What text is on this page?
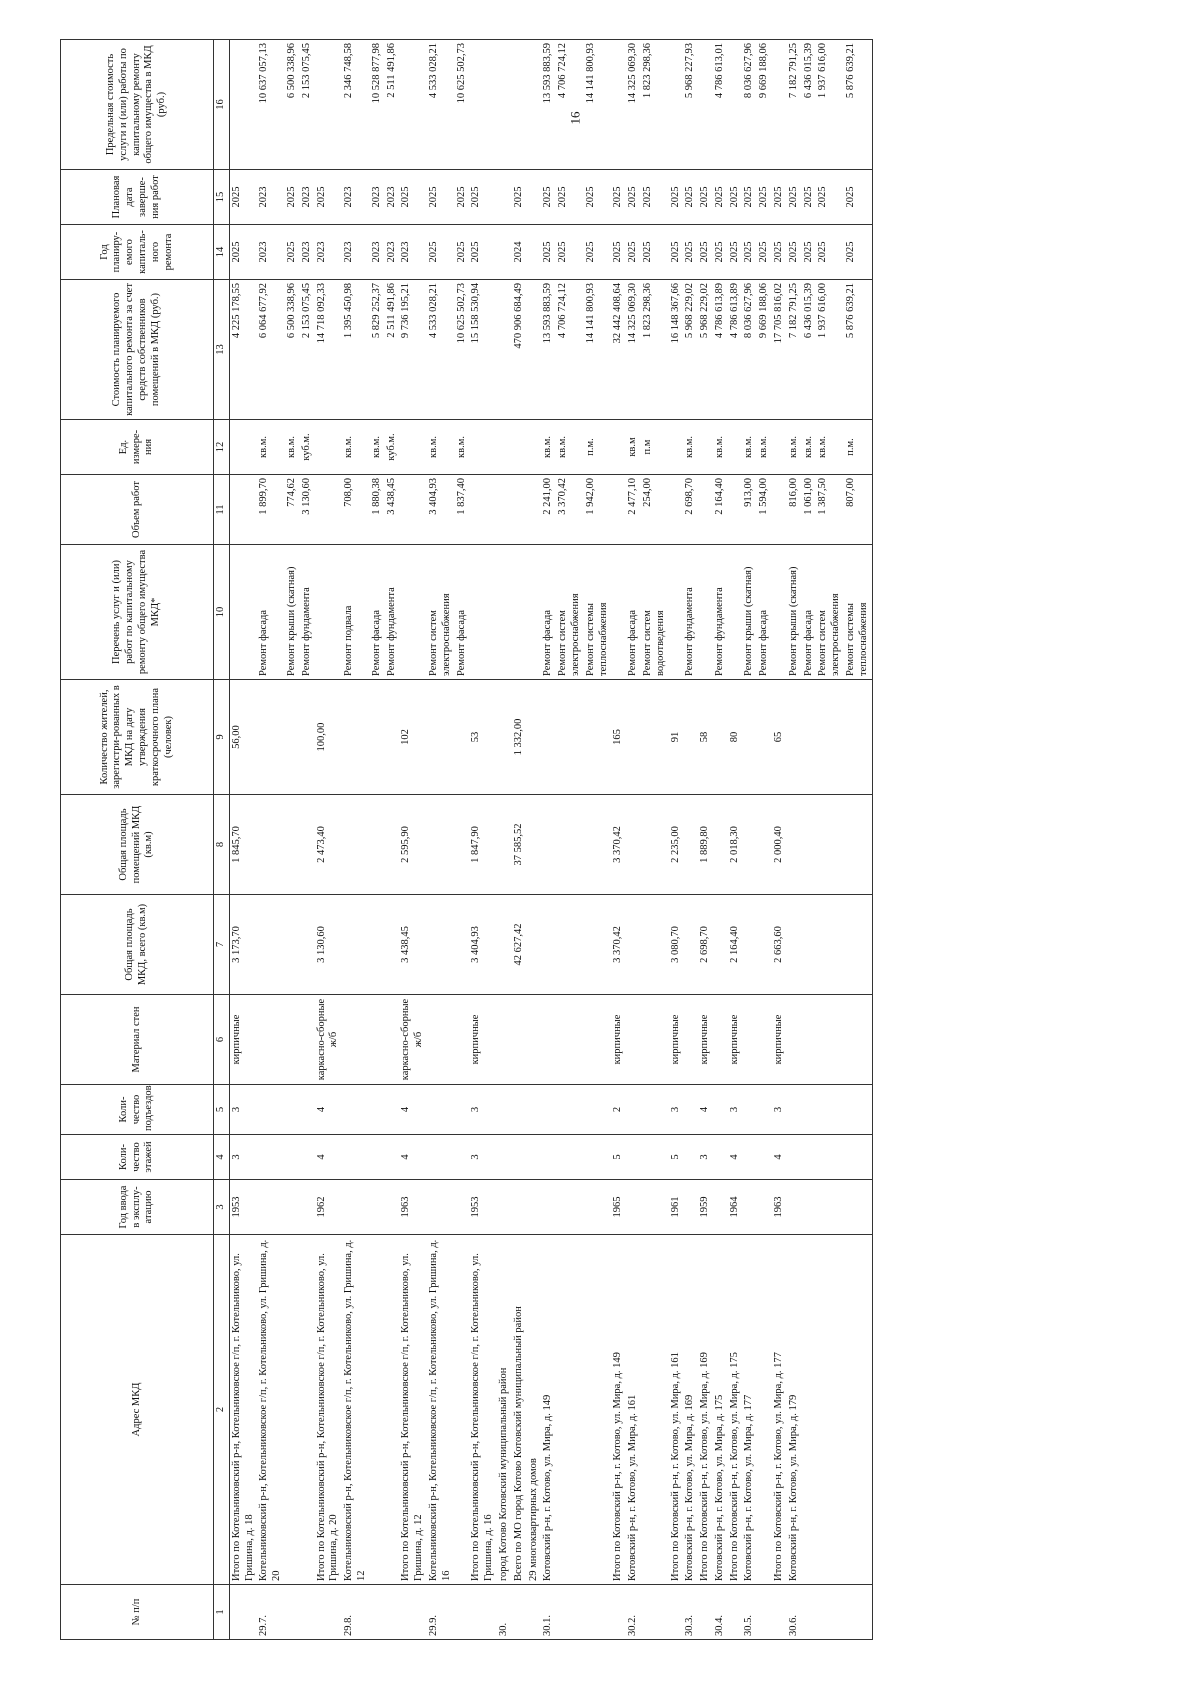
16
№ п/п	Адрес МКД	Год ввода в эксплу-атацию	Коли-чество этажей	Коли-чество подъездов	Материал стен	Общая площадь МКД, всего (кв.м)	Общая площадь помещений МКД (кв.м)	Количество жителей, зарегистри-рованных в МКД на дату утверждения краткосрочного плана (человек)	Перечень услуг и (или) работ по капитальному ремонту общего имущества МКД*	Объем работ	Ед. измере-ния	Стоимость планируемого капитального ремонта за счет средств собственников помещений в МКД (руб.)	Год планиру-емого капиталь-ного ремонта	Плановая дата заверше-ния работ	Предельная стоимость услуги и (или) работы по капитальному ремонту общего имущества в МКД (руб.)
1	2	3	4	5	6	7	8	9	10	11	12	13	14	15	16
	Итого по Котельниковский р-н, Котельниковское г/п, г. Котельниково, ул. Гришина, д. 18	1953	3	3	кирпичные	3 173,70	1 845,70	56,00				4 225 178,55	2025	2025	
29.7.	Котельниковский р-н, Котельниковское г/п, г. Котельниково, ул. Гришина, д. 20								Ремонт фасада	1 899,70	кв.м.	6 064 677,92	2023	2023	10 637 057,13
									Ремонт крыши (скатная)	774,62	кв.м.	6 500 338,96	2025	2025	6 500 338,96
									Ремонт фундамента	3 130,60	куб.м.	2 153 075,45	2023	2023	2 153 075,45
	Итого по Котельниковский р-н, Котельниковское г/п, г. Котельниково, ул. Гришина, д. 20	1962	4	4	каркасно-сборные ж/б	3 130,60	2 473,40	100,00				14 718 092,33	2023	2025	
29.8.	Котельниковский р-н, Котельниковское г/п, г. Котельниково, ул. Гришина, д. 12								Ремонт подвала	708,00	кв.м.	1 395 450,98	2023	2023	2 346 748,58
									Ремонт фасада	1 880,38	кв.м.	5 829 252,37	2023	2023	10 528 877,98
									Ремонт фундамента	3 438,45	куб.м.	2 511 491,86	2023	2023	2 511 491,86
	Итого по Котельниковский р-н, Котельниковское г/п, г. Котельниково, ул. Гришина, д. 12	1963	4	4	каркасно-сборные ж/б	3 438,45	2 595,90	102				9 736 195,21	2023	2025	
29.9.	Котельниковский р-н, Котельниковское г/п, г. Котельниково, ул. Гришина, д. 16								Ремонт систем электроснабжения	3 404,93	кв.м.	4 533 028,21	2025	2025	4 533 028,21
									Ремонт фасада	1 837,40	кв.м.	10 625 502,73	2025	2025	10 625 502,73
	Итого по Котельниковский р-н, Котельниковское г/п, г. Котельниково, ул. Гришина, д. 16	1953	3	3	кирпичные	3 404,93	1 847,90	53				15 158 530,94	2025	2025	
30.	город Котово Котовский муниципальный район														
	Всего по МО город Котово Котовский муниципальный район					42 627,42	37 585,52	1 332,00				470 906 684,49	2024	2025	
	29 многоквартирных домов														
30.1.	Котовский р-н, г. Котово, ул. Мира, д. 149								Ремонт фасада	2 241,00	кв.м.	13 593 883,59	2025	2025	13 593 883,59
									Ремонт систем электроснабжения	3 370,42	кв.м.	4 706 724,12	2025	2025	4 706 724,12
									Ремонт системы теплоснабжения	1 942,00	п.м.	14 141 800,93	2025	2025	14 141 800,93
	Итого по Котовский р-н, г. Котово, ул. Мира, д. 149	1965	5	2	кирпичные	3 370,42	3 370,42	165				32 442 408,64	2025	2025	
30.2.	Котовский р-н, г. Котово, ул. Мира, д. 161								Ремонт фасада	2 477,10	кв.м	14 325 069,30	2025	2025	14 325 069,30
									Ремонт систем водоотведения	254,00	п.м	1 823 298,36	2025	2025	1 823 298,36
	Итого по Котовский р-н, г. Котово, ул. Мира, д. 161	1961	5	3	кирпичные	3 080,70	2 235,00	91				16 148 367,66	2025	2025	
30.3.	Котовский р-н, г. Котово, ул. Мира, д. 169								Ремонт фундамента	2 698,70	кв.м.	5 968 229,02	2025	2025	5 968 227,93
	Итого по Котовский р-н, г. Котово, ул. Мира, д. 169	1959	3	4	кирпичные	2 698,70	1 889,80	58				5 968 229,02	2025	2025	
30.4.	Котовский р-н, г. Котово, ул. Мира, д. 175								Ремонт фундамента	2 164,40	кв.м.	4 786 613,89	2025	2025	4 786 613,01
	Итого по Котовский р-н, г. Котово, ул. Мира, д. 175	1964	4	3	кирпичные	2 164,40	2 018,30	80				4 786 613,89	2025	2025	
30.5.	Котовский р-н, г. Котово, ул. Мира, д. 177								Ремонт крыши (скатная)	913,00	кв.м.	8 036 627,96	2025	2025	8 036 627,96
									Ремонт фасада	1 594,00	кв.м.	9 669 188,06	2025	2025	9 669 188,06
	Итого по Котовский р-н, г. Котово, ул. Мира, д. 177	1963	4	3	кирпичные	2 663,60	2 000,40	65				17 705 816,02	2025	2025	
30.6.	Котовский р-н, г. Котово, ул. Мира, д. 179								Ремонт крыши (скатная)	816,00	кв.м.	7 182 791,25	2025	2025	7 182 791,25
									Ремонт фасада	1 061,00	кв.м.	6 436 015,39	2025	2025	6 436 015,39
									Ремонт систем электроснабжения	1 387,50	кв.м.	1 937 616,00	2025	2025	1 937 616,00
									Ремонт системы теплоснабжения	807,00	п.м.	5 876 639,21	2025	2025	5 876 639,21
